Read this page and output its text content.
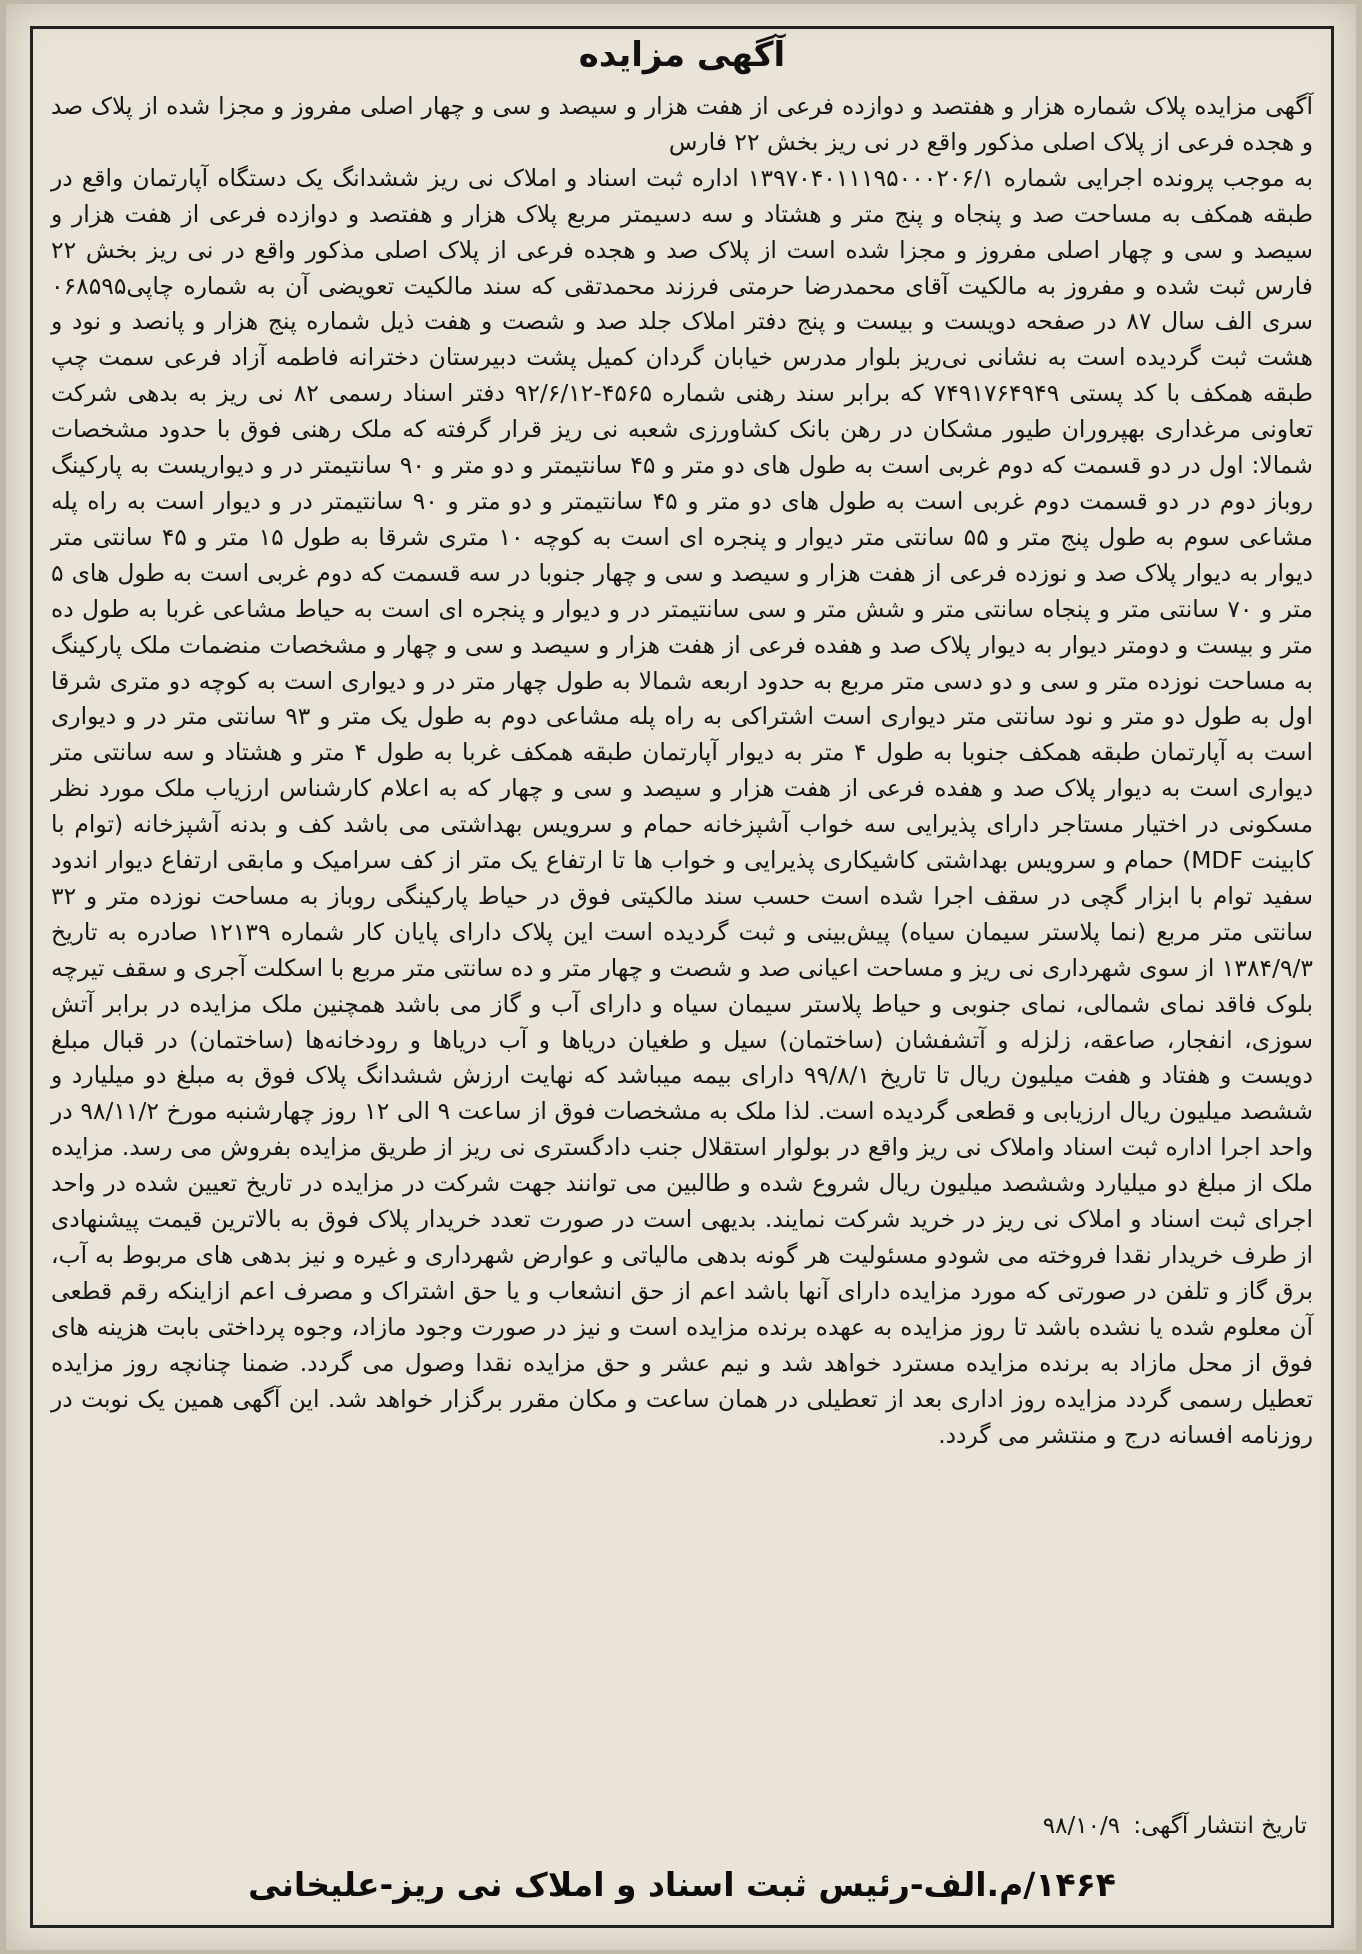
آگهی مزایده

آگهی مزایده پلاک شماره هزار و هفتصد و دوازده فرعی از هفت هزار و سیصد و سی و چهار اصلی مفروز و مجزا شده از پلاک صد و هجده فرعی از پلاک اصلی مذکور واقع در نی ریز بخش ۲۲ فارس

به موجب پرونده اجرایی شماره ۱۳۹۷۰۴۰۱۱۱۹۵۰۰۰۲۰۶/۱ اداره ثبت اسناد و املاک نی ریز ششدانگ یک دستگاه آپارتمان واقع در طبقه همکف به مساحت صد و پنجاه و پنج متر و هشتاد و سه دسیمتر مربع پلاک هزار و هفتصد و دوازده فرعی از هفت هزار و سیصد و سی و چهار اصلی مفروز و مجزا شده است از پلاک صد و هجده فرعی از پلاک اصلی مذکور واقع در نی ریز بخش ۲۲ فارس ثبت شده و مفروز به مالکیت آقای محمدرضا حرمتی فرزند محمدتقی که سند مالکیت تعویضی آن به شماره چاپی۰۶۸۵۹۵ سری الف سال ۸۷ در صفحه دویست و بیست و پنج دفتر املاک جلد صد و شصت و هفت ذیل شماره پنج هزار و پانصد و نود و هشت ثبت گردیده است به نشانی نی‌ریز بلوار مدرس خیابان گردان کمیل پشت دبیرستان دخترانه فاطمه آزاد فرعی سمت چپ طبقه همکف با کد پستی ۷۴۹۱۷۶۴۹۴۹ که برابر سند رهنی شماره ۴۵۶۵-۹۲/۶/۱۲ دفتر اسناد رسمی ۸۲ نی ریز به بدهی شرکت تعاونی مرغداری بهپروران طیور مشکان در رهن بانک کشاورزی شعبه نی ریز قرار گرفته که ملک رهنی فوق با حدود مشخصات شمالا: اول در دو قسمت که دوم غربی است به طول های دو متر و ۴۵ سانتیمتر و دو متر و ۹۰ سانتیمتر در و دیواریست به پارکینگ روباز دوم در دو قسمت دوم غربی است به طول های دو متر و ۴۵ سانتیمتر و دو متر و ۹۰ سانتیمتر در و دیوار است به راه پله مشاعی سوم به طول پنج متر و ۵۵ سانتی متر دیوار و پنجره ای است به کوچه ۱۰ متری شرقا به طول ۱۵ متر و ۴۵ سانتی متر دیوار به دیوار پلاک صد و نوزده فرعی از هفت هزار و سیصد و سی و چهار جنوبا در سه قسمت که دوم غربی است به طول های ۵ متر و ۷۰ سانتی متر و پنجاه سانتی متر و شش متر و سی سانتیمتر در و دیوار و پنجره ای است به حیاط مشاعی غربا به طول ده متر و بیست و دومتر دیوار به دیوار پلاک صد و هفده فرعی از هفت هزار و سیصد و سی و چهار و مشخصات منضمات ملک پارکینگ به مساحت نوزده متر و سی و دو دسی متر مربع به حدود اربعه شمالا به طول چهار متر در و دیواری است به کوچه دو متری شرقا اول به طول دو متر و نود سانتی متر دیواری است اشتراکی به راه پله مشاعی دوم به طول یک متر و ۹۳ سانتی متر در و دیواری است به آپارتمان طبقه همکف جنوبا به طول ۴ متر به دیوار آپارتمان طبقه همکف غربا به طول ۴ متر و هشتاد و سه سانتی متر دیواری است به دیوار پلاک صد و هفده فرعی از هفت هزار و سیصد و سی و چهار که به اعلام کارشناس ارزیاب ملک مورد نظر مسکونی در اختیار مستاجر دارای پذیرایی سه خواب آشپزخانه حمام و سرویس بهداشتی می باشد کف و بدنه آشپزخانه (توام با کابینت MDF) حمام و سرویس بهداشتی کاشیکاری پذیرایی و خواب ها تا ارتفاع یک متر از کف سرامیک و مابقی ارتفاع دیوار اندود سفید توام با ابزار گچی در سقف اجرا شده است حسب سند مالکیتی فوق در حیاط پارکینگی روباز به مساحت نوزده متر و ۳۲ سانتی متر مربع (نما پلاستر سیمان سیاه) پیش‌بینی و ثبت گردیده است این پلاک دارای پایان کار شماره ۱۲۱۳۹ صادره به تاریخ ۱۳۸۴/۹/۳ از سوی شهرداری نی ریز و مساحت اعیانی صد و شصت و چهار متر و ده سانتی متر مربع با اسکلت آجری و سقف تیرچه بلوک فاقد نمای شمالی، نمای جنوبی و حیاط پلاستر سیمان سیاه و دارای آب و گاز می باشد همچنین ملک مزایده در برابر آتش سوزی، انفجار، صاعقه، زلزله و آتشفشان (ساختمان) سیل و طغیان دریاها و آب دریاها و رودخانه‌ها (ساختمان) در قبال مبلغ دویست و هفتاد و هفت میلیون ریال تا تاریخ ۹۹/۸/۱ دارای بیمه میباشد که نهایت ارزش ششدانگ پلاک فوق به مبلغ دو میلیارد و ششصد میلیون ریال ارزیابی و قطعی گردیده است. لذا ملک به مشخصات فوق از ساعت ۹ الی ۱۲ روز چهارشنبه مورخ ۹۸/۱۱/۲ در واحد اجرا اداره ثبت اسناد واملاک نی ریز واقع در بولوار استقلال جنب دادگستری نی ریز از طریق مزایده بفروش می رسد. مزایده ملک از مبلغ دو میلیارد وششصد میلیون ریال شروع شده و طالبین می توانند جهت شرکت در مزایده در تاریخ تعیین شده در واحد اجرای ثبت اسناد و املاک نی ریز در خرید شرکت نمایند. بدیهی است در صورت تعدد خریدار پلاک فوق به بالاترین قیمت پیشنهادی از طرف خریدار نقدا فروخته می شودو مسئولیت هر گونه بدهی مالیاتی و عوارض شهرداری و غیره و نیز بدهی های مربوط به آب، برق گاز و تلفن در صورتی که مورد مزایده دارای آنها باشد اعم از حق انشعاب و یا حق اشتراک و مصرف اعم ازاینکه رقم قطعی آن معلوم شده یا نشده باشد تا روز مزایده به عهده برنده مزایده است و نیز در صورت وجود مازاد، وجوه پرداختی بابت هزینه های فوق از محل مازاد به برنده مزایده مسترد خواهد شد و نیم عشر و حق مزایده نقدا وصول می گردد. ضمنا چنانچه روز مزایده تعطیل رسمی گردد مزایده روز اداری بعد از تعطیلی در همان ساعت و مکان مقرر برگزار خواهد شد. این آگهی همین یک نوبت در روزنامه افسانه درج و منتشر می گردد.

تاریخ انتشار آگهی: ۹۸/۱۰/۹
۱۴۶۴/م.الف-رئیس ثبت اسناد و املاک نی ریز-علیخانی
